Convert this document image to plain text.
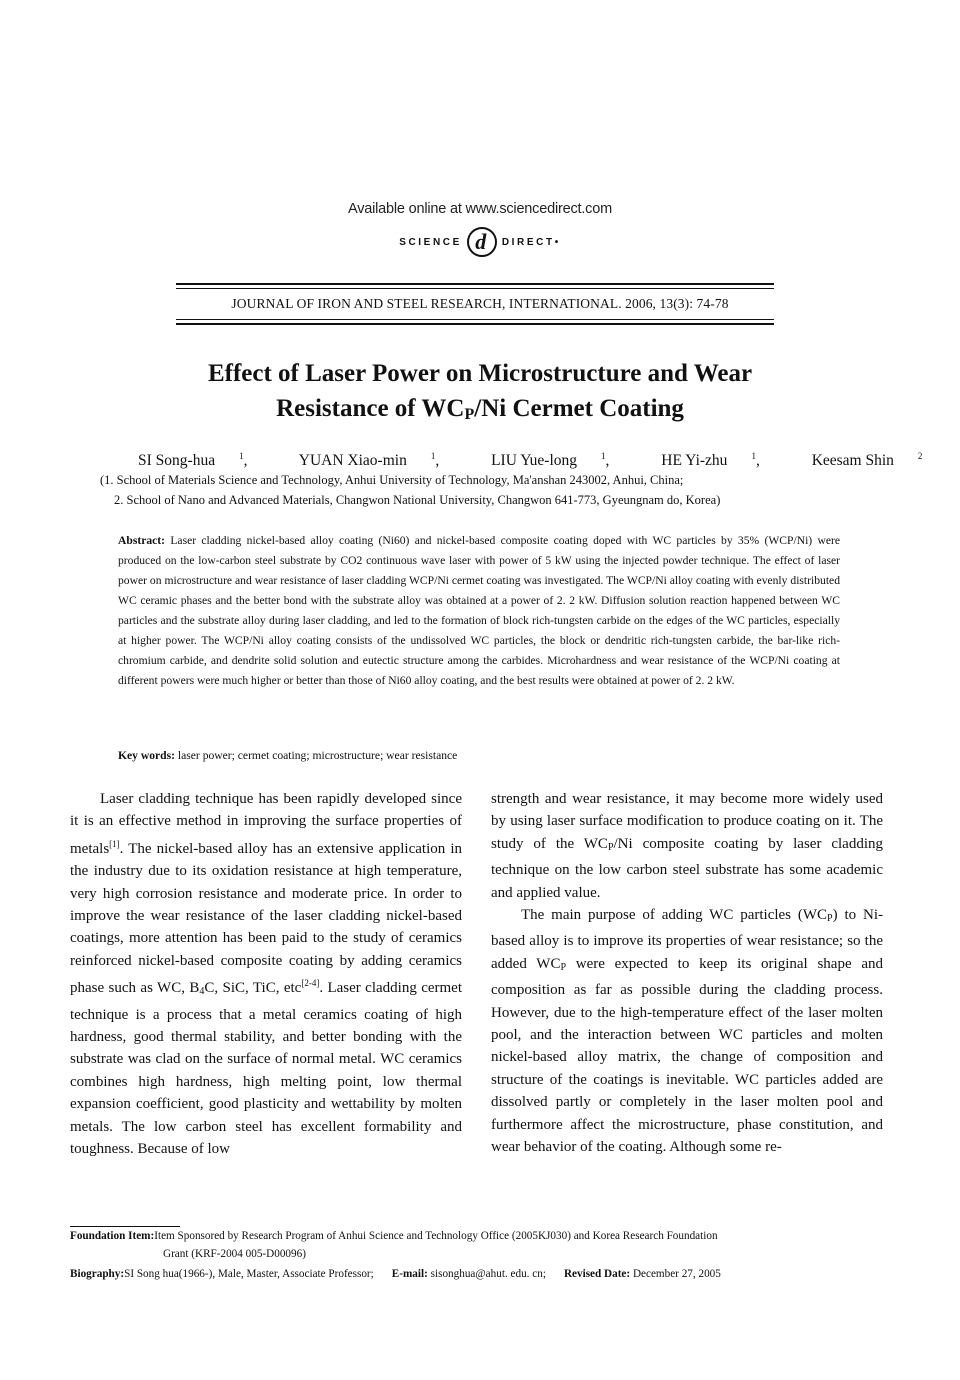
Available online at www.sciencedirect.com
SCIENCE d DIRECT•
JOURNAL OF IRON AND STEEL RESEARCH, INTERNATIONAL. 2006, 13(3): 74-78
Effect of Laser Power on Microstructure and Wear
Resistance of $WC_P/Ni$ Cermet Coating
SI Song-hua	$^1$,	YUAN Xiao-min	$^1$,	LIU Yue-long	$^1$,	HE Yi-zhu	$^1$,	Keesam Shin	$^2$
(1. School of Materials Science and Technology, Anhui University of Technology, Ma'anshan 243002, Anhui, China;
2. School of Nano and Advanced Materials, Changwon National University, Changwon 641-773, Gyeungnam do, Korea)
Abstract: Laser cladding nickel-based alloy coating (Ni60) and nickel-based composite coating doped with WC particles by 35% (WCP/Ni) were produced on the low-carbon steel substrate by CO2 continuous wave laser with power of 5 kW using the injected powder technique. The effect of laser power on microstructure and wear resistance of laser cladding WCP/Ni cermet coating was investigated. The WCP/Ni alloy coating with evenly distributed WC ceramic phases and the better bond with the substrate alloy was obtained at a power of 2. 2 kW. Diffusion solution reaction happened between WC particles and the substrate alloy during laser cladding, and led to the formation of block rich-tungsten carbide on the edges of the WC particles, especially at higher power. The WCP/Ni alloy coating consists of the undissolved WC particles, the block or dendritic rich-tungsten carbide, the bar-like rich-chromium carbide, and dendrite solid solution and eutectic structure among the carbides. Microhardness and wear resistance of the WCP/Ni coating at different powers were much higher or better than those of Ni60 alloy coating, and the best results were obtained at power of 2. 2 kW.
Key words: laser power; cermet coating; microstructure; wear resistance

Laser cladding technique has been rapidly developed since it is an effective method in improving the surface properties of metals[1]. The nickel-based alloy has an extensive application in the industry due to its oxidation resistance at high temperature, very high corrosion resistance and moderate price. In order to improve the wear resistance of the laser cladding nickel-based coatings, more attention has been paid to the study of ceramics reinforced nickel-based composite coating by adding ceramics phase such as WC, $B_4C$, SiC, TiC, etc[2-4]. Laser cladding cermet technique is a process that a metal ceramics coating of high hardness, good thermal stability, and better bonding with the substrate was clad on the surface of normal metal. WC ceramics combines high hardness, high melting point, low thermal expansion coefficient, good plasticity and wettability by molten metals. The low carbon steel has excellent formability and toughness. Because of low

strength and wear resistance, it may become more widely used by using laser surface modification to produce coating on it. The study of the $WC_P/Ni$ composite coating by laser cladding technique on the low carbon steel substrate has some academic and applied value.

The main purpose of adding WC particles $(WC_P)$ to Ni-based alloy is to improve its properties of wear resistance; so the added $WC_P$ were expected to keep its original shape and composition as far as possible during the cladding process. However, due to the high-temperature effect of the laser molten pool, and the interaction between WC particles and molten nickel-based alloy matrix, the change of composition and structure of the coatings is inevitable. WC particles added are dissolved partly or completely in the laser molten pool and furthermore affect the microstructure, phase constitution, and wear behavior of the coating. Although some re-

Foundation Item:Item Sponsored by Research Program of Anhui Science and Technology Office (2005KJ030) and Korea Research Foundation
Grant (KRF-2004 005-D00096)
Biography:SI Song hua(1966-), Male, Master, Associate Professor; E-mail: sisonghua@ahut. edu. cn; Revised Date: December 27, 2005
